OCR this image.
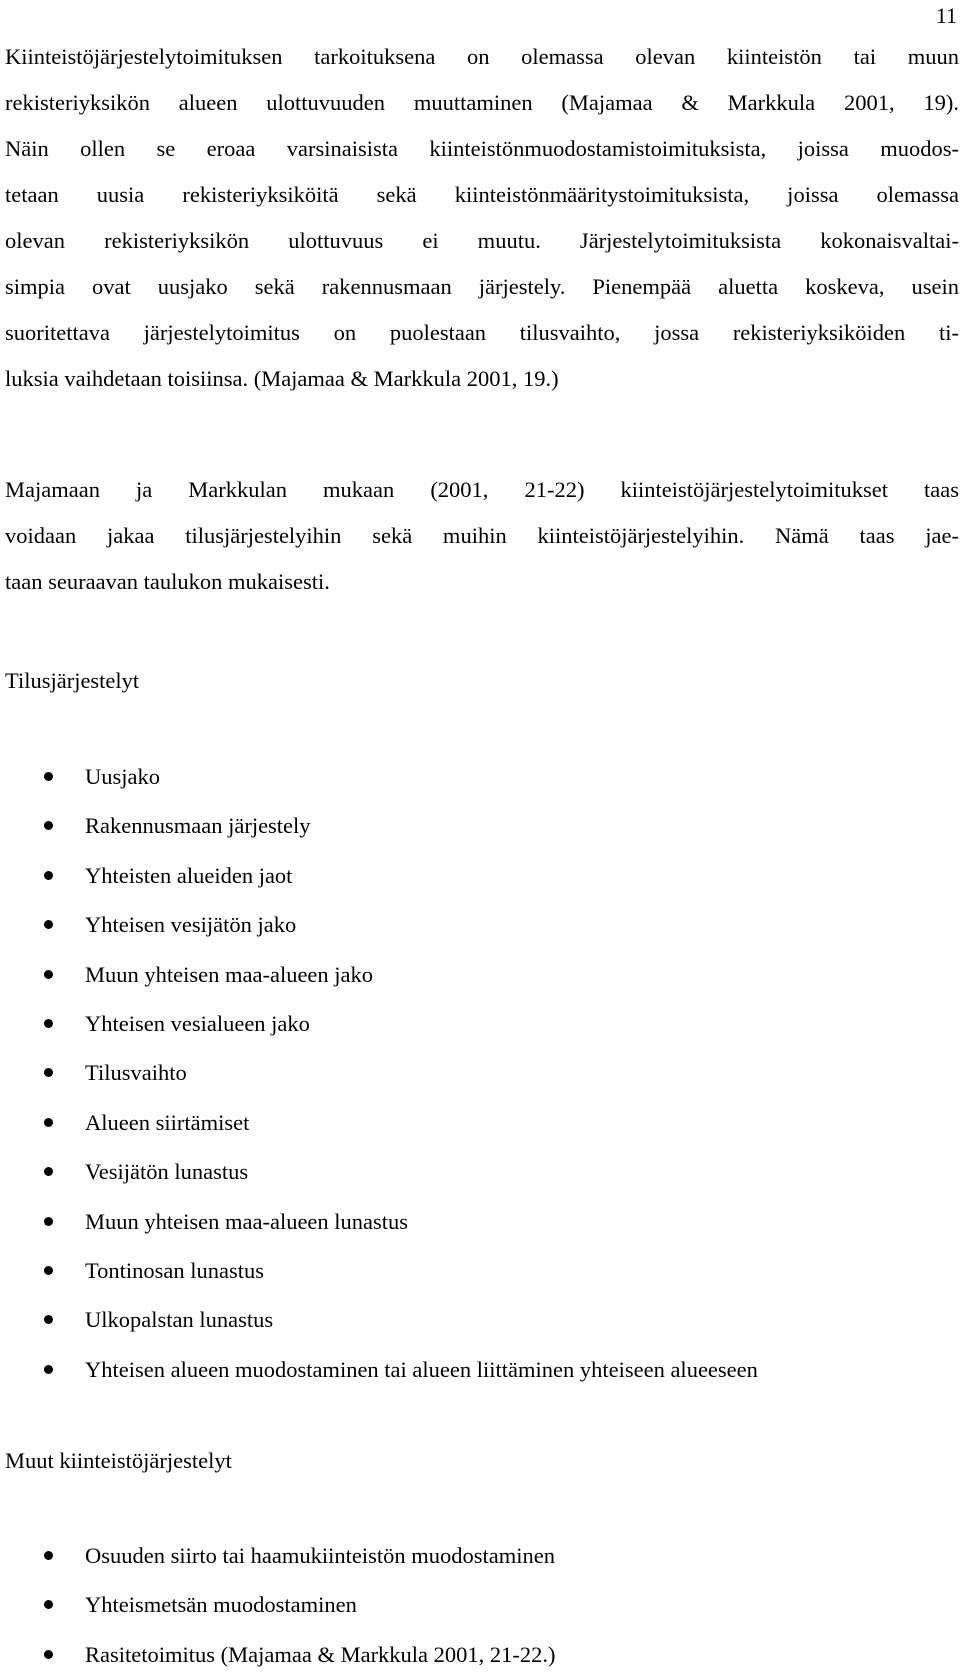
11
Kiinteistöjärjestelytoimituksen tarkoituksena on olemassa olevan kiinteistön tai muun
rekisteriyksikön alueen ulottuvuuden muuttaminen (Majamaa & Markkula 2001, 19).
Näin ollen se eroaa varsinaisista kiinteistönmuodostamistoimituksista, joissa muodos-
tetaan uusia rekisteriyksiköitä sekä kiinteistönmääritystoimituksista, joissa olemassa
olevan rekisteriyksikön ulottuvuus ei muutu. Järjestelytoimituksista kokonaisvaltai-
simpia ovat uusjako sekä rakennusmaan järjestely. Pienempää aluetta koskeva, usein
suoritettava järjestelytoimitus on puolestaan tilusvaihto, jossa rekisteriyksiköiden ti-
luksia vaihdetaan toisiinsa. (Majamaa & Markkula 2001, 19.)
Majamaan ja Markkulan mukaan (2001, 21-22) kiinteistöjärjestelytoimitukset taas
voidaan jakaa tilusjärjestelyihin sekä muihin kiinteistöjärjestelyihin. Nämä taas jae-
taan seuraavan taulukon mukaisesti.
Tilusjärjestelyt
Uusjako
Rakennusmaan järjestely
Yhteisten alueiden jaot
Yhteisen vesijätön jako
Muun yhteisen maa-alueen jako
Yhteisen vesialueen jako
Tilusvaihto
Alueen siirtämiset
Vesijätön lunastus
Muun yhteisen maa-alueen lunastus
Tontinosan lunastus
Ulkopalstan lunastus
Yhteisen alueen muodostaminen tai alueen liittäminen yhteiseen alueeseen
Muut kiinteistöjärjestelyt
Osuuden siirto tai haamukiinteistön muodostaminen
Yhteismetsän muodostaminen
Rasitetoimitus (Majamaa & Markkula 2001, 21-22.)
